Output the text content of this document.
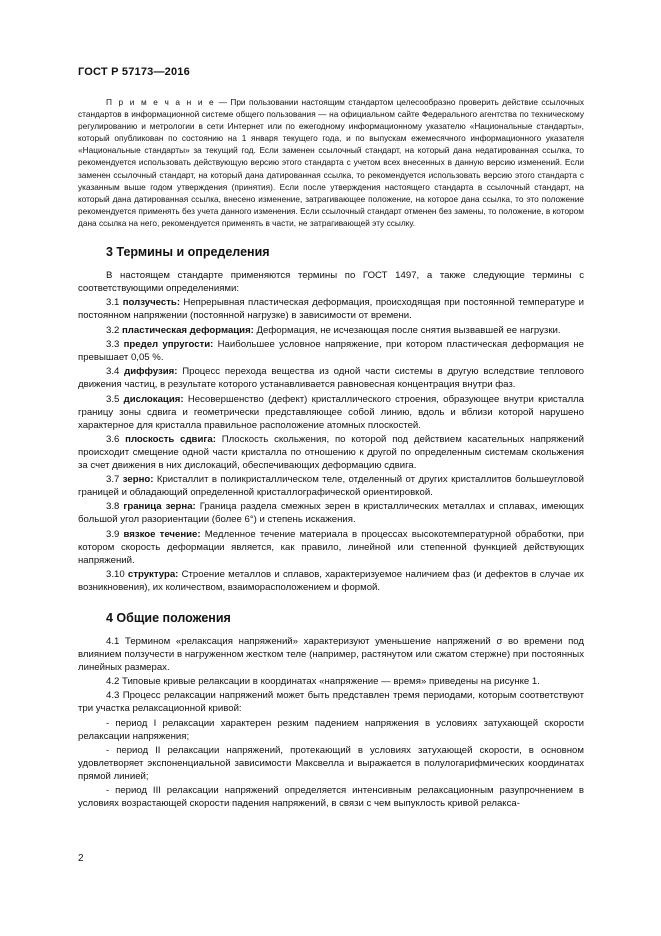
ГОСТ Р 57173—2016

П р и м е ч а н и е — При пользовании настоящим стандартом целесообразно проверить действие ссылочных стандартов в информационной системе общего пользования — на официальном сайте Федерального агентства по техническому регулированию и метрологии в сети Интернет или по ежегодному информационному указателю «Национальные стандарты», который опубликован по состоянию на 1 января текущего года, и по выпускам ежемесячного информационного указателя «Национальные стандарты» за текущий год. Если заменен ссылочный стандарт, на который дана недатированная ссылка, то рекомендуется использовать действующую версию этого стандарта с учетом всех внесенных в данную версию изменений. Если заменен ссылочный стандарт, на который дана датированная ссылка, то рекомендуется использовать версию этого стандарта с указанным выше годом утверждения (принятия). Если после утверждения настоящего стандарта в ссылочный стандарт, на который дана датированная ссылка, внесено изменение, затрагивающее положение, на которое дана ссылка, то это положение рекомендуется применять без учета данного изменения. Если ссылочный стандарт отменен без замены, то положение, в котором дана ссылка на него, рекомендуется применять в части, не затрагивающей эту ссылку.

3 Термины и определения

В настоящем стандарте применяются термины по ГОСТ 1497, а также следующие термины с соответствующими определениями:

3.1 ползучесть: Непрерывная пластическая деформация, происходящая при постоянной температуре и постоянном напряжении (постоянной нагрузке) в зависимости от времени.

3.2 пластическая деформация: Деформация, не исчезающая после снятия вызвавшей ее нагрузки.

3.3 предел упругости: Наибольшее условное напряжение, при котором пластическая деформация не превышает 0,05 %.

3.4 диффузия: Процесс перехода вещества из одной части системы в другую вследствие теплового движения частиц, в результате которого устанавливается равновесная концентрация внутри фаз.

3.5 дислокация: Несовершенство (дефект) кристаллического строения, образующее внутри кристалла границу зоны сдвига и геометрически представляющее собой линию, вдоль и вблизи которой нарушено характерное для кристалла правильное расположение атомных плоскостей.

3.6 плоскость сдвига: Плоскость скольжения, по которой под действием касательных напряжений происходит смещение одной части кристалла по отношению к другой по определенным системам скольжения за счет движения в них дислокаций, обеспечивающих деформацию сдвига.

3.7 зерно: Кристаллит в поликристаллическом теле, отделенный от других кристаллитов большеугловой границей и обладающий определенной кристаллографической ориентировкой.

3.8 граница зерна: Граница раздела смежных зерен в кристаллических металлах и сплавах, имеющих большой угол разориентации (более 6°) и степень искажения.

3.9 вязкое течение: Медленное течение материала в процессах высокотемпературной обработки, при котором скорость деформации является, как правило, линейной или степенной функцией действующих напряжений.

3.10 структура: Строение металлов и сплавов, характеризуемое наличием фаз (и дефектов в случае их возникновения), их количеством, взаиморасположением и формой.

4 Общие положения

4.1 Термином «релаксация напряжений» характеризуют уменьшение напряжений σ во времени под влиянием ползучести в нагруженном жестком теле (например, растянутом или сжатом стержне) при постоянных линейных размерах.

4.2 Типовые кривые релаксации в координатах «напряжение — время» приведены на рисунке 1.

4.3 Процесс релаксации напряжений может быть представлен тремя периодами, которым соответствуют три участка релаксационной кривой:

- период I релаксации характерен резким падением напряжения в условиях затухающей скорости релаксации напряжения;

- период II релаксации напряжений, протекающий в условиях затухающей скорости, в основном удовлетворяет экспоненциальной зависимости Максвелла и выражается в полулогарифмических координатах прямой линией;

- период III релаксации напряжений определяется интенсивным релаксационным разупрочнением в условиях возрастающей скорости падения напряжений, в связи с чем выпуклость кривой релакса-

2
